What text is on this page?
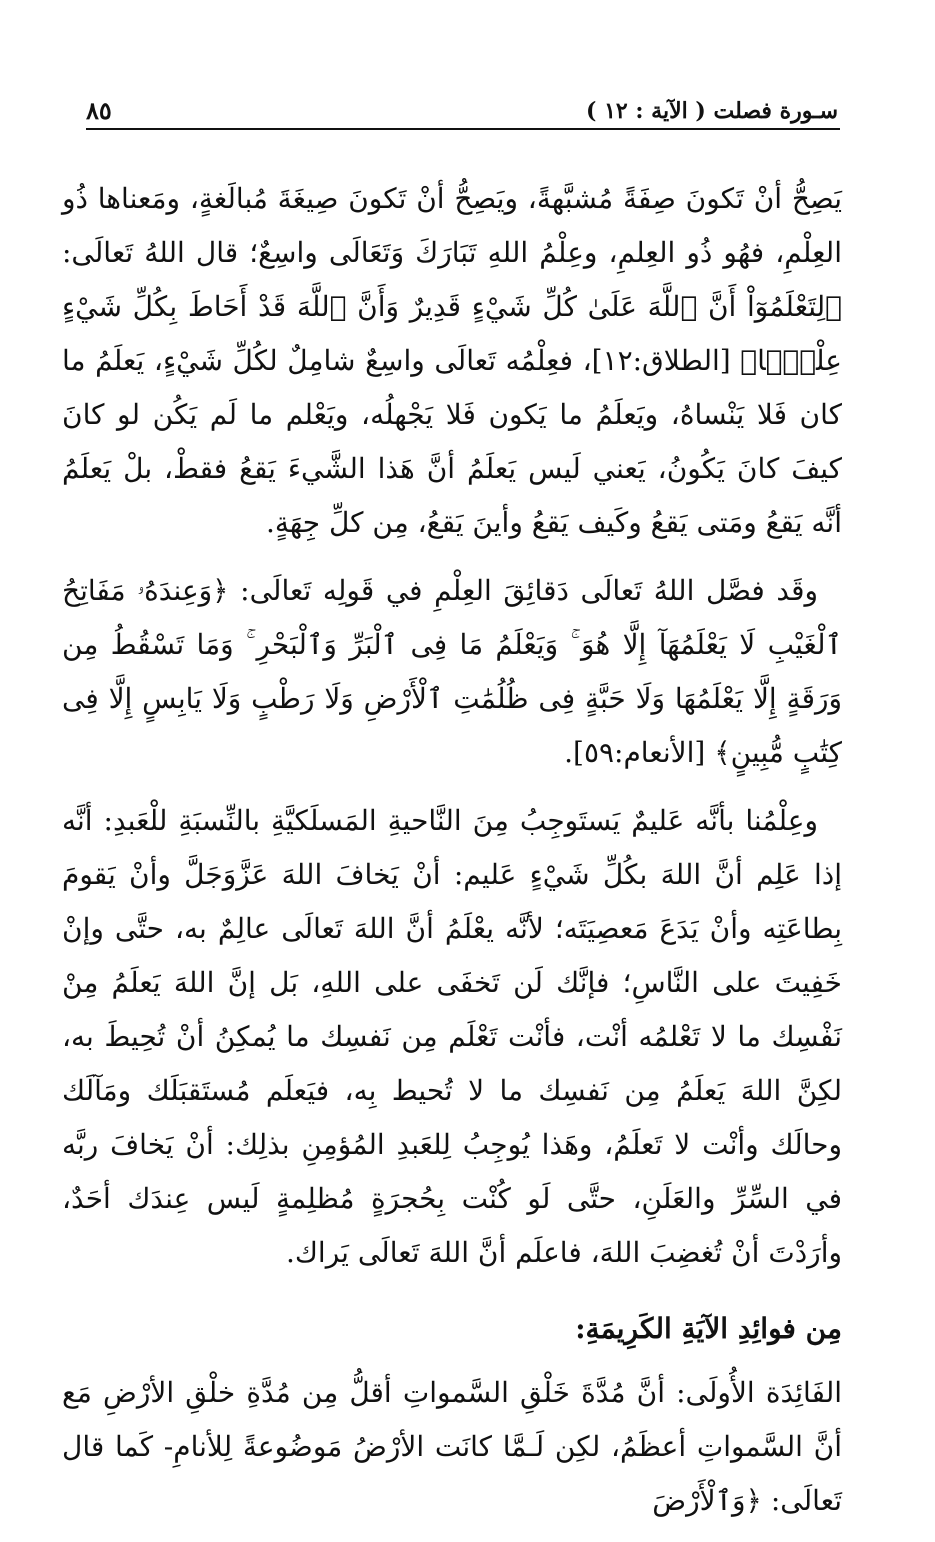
سـورة فصلت ( الآية : ١٢ )
٨٥

يَصِحُّ أنْ تَكونَ صِفَةً مُشبَّهةً، ويَصِحُّ أنْ تَكونَ صِيغَةَ مُبالَغةٍ، ومَعناها ذُو العِلْمِ، فهُو ذُو العِلمِ، وعِلْمُ اللهِ تَبَارَكَ وَتَعَالَى واسِعٌ؛ قال اللهُ تَعالَى: ﴿لِتَعْلَمُوٓاْ أَنَّ ٱللَّهَ عَلَىٰ كُلِّ شَيْءٍ قَدِيرٌ وَأَنَّ ٱللَّهَ قَدْ أَحَاطَ بِكُلِّ شَيْءٍ عِلْمَۢا﴾ [الطلاق:١٢]، فعِلْمُه تَعالَى واسِعٌ شامِلٌ لكُلِّ شَيْءٍ، يَعلَمُ ما كان فَلا يَنْساهُ، ويَعلَمُ ما يَكون فَلا يَجْهلُه، ويَعْلم ما لَم يَكُن لو كانَ كيفَ كانَ يَكُونُ، يَعني لَيس يَعلَمُ أنَّ هَذا الشَّيءَ يَقعُ فقطْ، بلْ يَعلَمُ أنَّه يَقعُ ومَتى يَقعُ وكَيف يَقعُ وأينَ يَقعُ، مِن كلِّ جِهَةٍ.

وقَد فصَّل اللهُ تَعالَى دَقائِقَ العِلْمِ في قَولِه تَعالَى: ﴿وَعِندَهُۥ مَفَاتِحُ ٱلْغَيْبِ لَا يَعْلَمُهَآ إِلَّا هُوَ ۚ وَيَعْلَمُ مَا فِى ٱلْبَرِّ وَٱلْبَحْرِ ۚ وَمَا تَسْقُطُ مِن وَرَقَةٍ إِلَّا يَعْلَمُهَا وَلَا حَبَّةٍ فِى ظُلُمَٰتِ ٱلْأَرْضِ وَلَا رَطْبٍ وَلَا يَابِسٍ إِلَّا فِى كِتَٰبٍ مُّبِينٍ﴾ [الأنعام:٥٩].

وعِلْمُنا بأنَّه عَليمٌ يَستَوجِبُ مِنَ النَّاحيةِ المَسلَكيَّةِ بالنِّسبَةِ للْعَبدِ: أنَّه إذا عَلِم أنَّ اللهَ بكُلِّ شَيْءٍ عَليم: أنْ يَخافَ اللهَ عَزَّوَجَلَّ وأنْ يَقومَ بِطاعَتِه وأنْ يَدَعَ مَعصِيَتَه؛ لأنَّه يعْلَمُ أنَّ اللهَ تَعالَى عالِمٌ به، حتَّى وإنْ خَفِيتَ على النَّاسِ؛ فإنَّك لَن تَخفَى على اللهِ، بَل إنَّ اللهَ يَعلَمُ مِنْ نَفْسِك ما لا تَعْلمُه أنْت، فأنْت تَعْلَم مِن نَفسِك ما يُمكِنُ أنْ تُحِيطَ به، لكِنَّ اللهَ يَعلَمُ مِن نَفسِك ما لا تُحيط بِه، فيَعلَم مُستَقبَلَك ومَآلَك وحالَك وأنْت لا تَعلَمُ، وهَذا يُوجِبُ لِلعَبدِ المُؤمِنِ بذلِك: أنْ يَخافَ ربَّه في السِّرِّ والعَلَنِ، حتَّى لَو كُنْت بِحُجرَةٍ مُظلِمةٍ لَيس عِندَك أحَدٌ، وأرَدْتَ أنْ تُغضِبَ اللهَ، فاعلَم أنَّ اللهَ تَعالَى يَراك.

مِن فوائِدِ الآيَةِ الكَرِيمَةِ:

الفَائِدَة الأُولَى: أنَّ مُدَّةَ خَلْقِ السَّمواتِ أقلُّ مِن مُدَّةِ خلْقِ الأرْضِ مَع أنَّ السَّمواتِ أعظَمُ، لكِن لَـمَّا كانَت الأرْضُ مَوضُوعةً لِلأنامِ- كَما قال تَعالَى: ﴿وَٱلْأَرْضَ
